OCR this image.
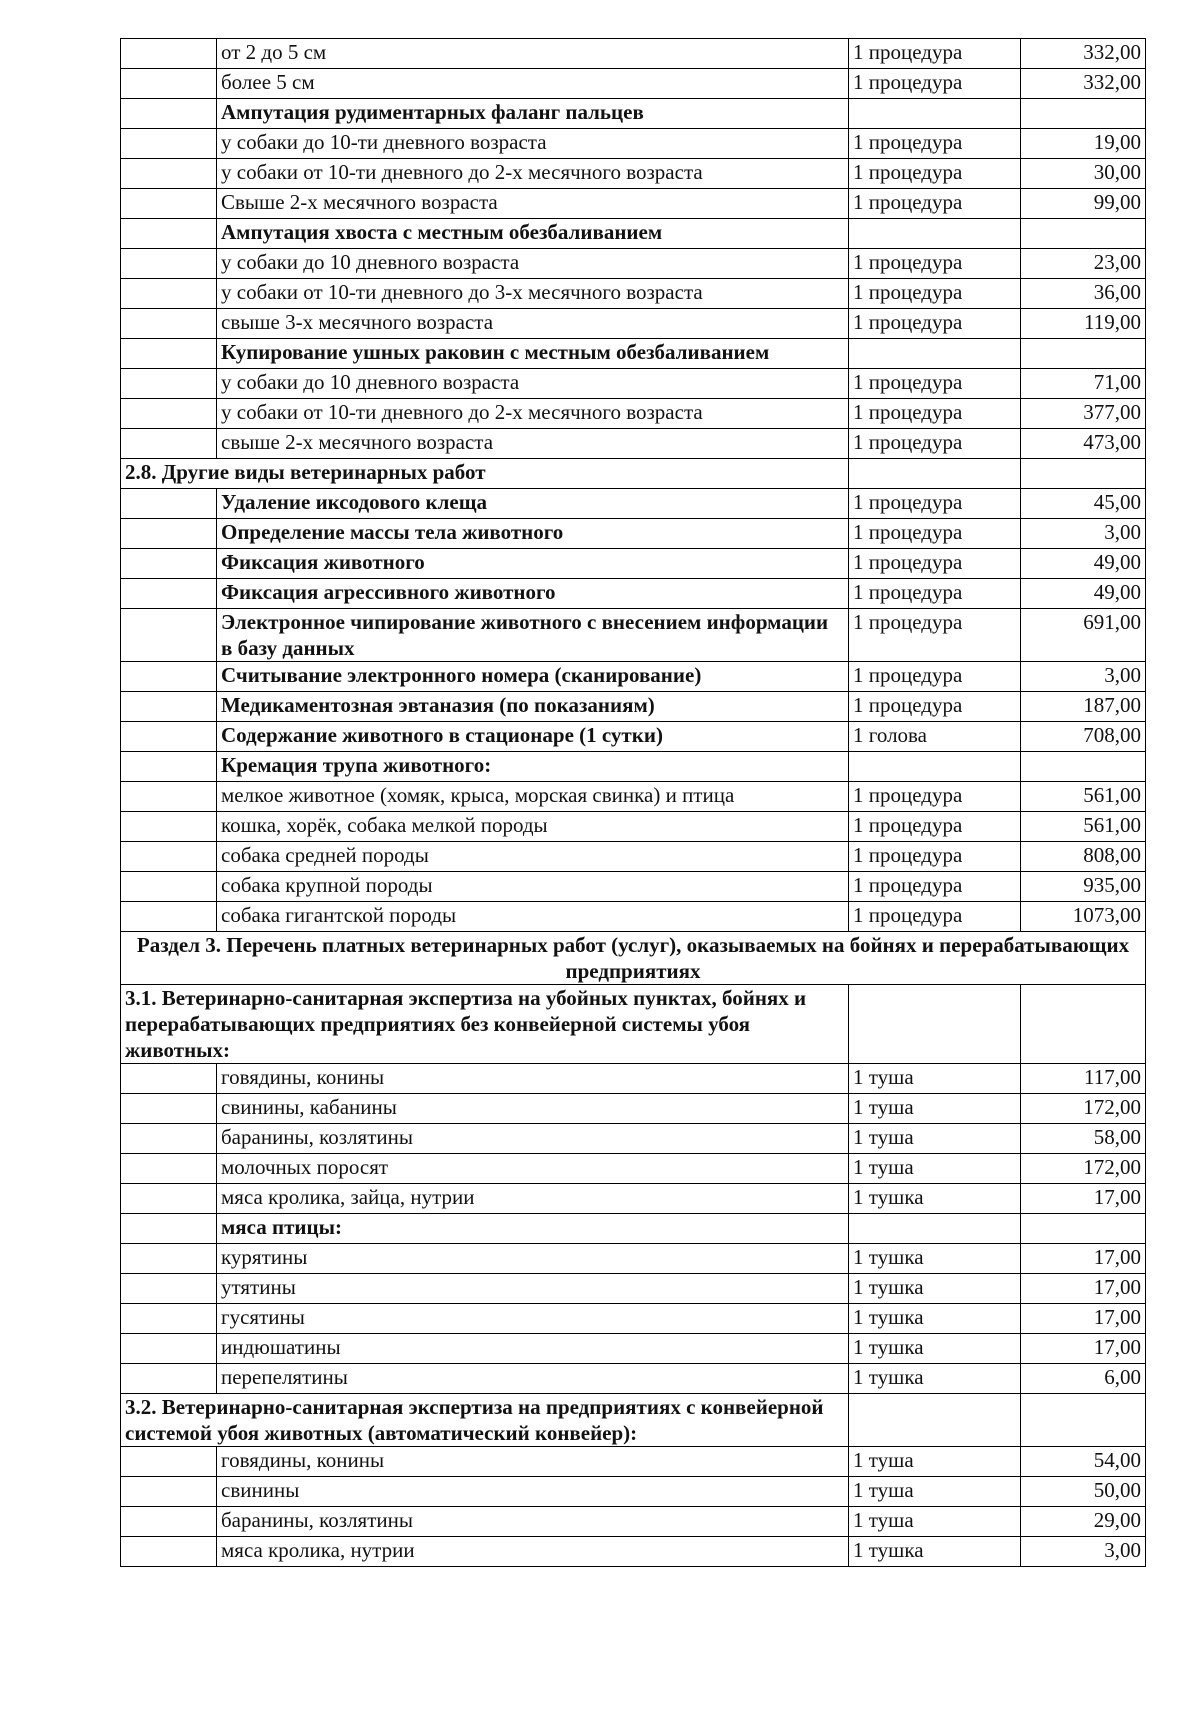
	от 2 до 5 см	1 процедура	332,00
	более 5 см	1 процедура	332,00
	Ампутация рудиментарных фаланг пальцев		
	у собаки до 10-ти дневного возраста	1 процедура	19,00
	у собаки от 10-ти дневного до 2-х месячного возраста	1 процедура	30,00
	Свыше 2-х месячного возраста	1 процедура	99,00
	Ампутация хвоста с местным обезбаливанием		
	у собаки до 10 дневного возраста	1 процедура	23,00
	у собаки от 10-ти дневного до 3-х месячного возраста	1 процедура	36,00
	свыше 3-х месячного возраста	1 процедура	119,00
	Купирование ушных раковин с местным обезбаливанием		
	у собаки до 10 дневного возраста	1 процедура	71,00
	у собаки от 10-ти дневного до 2-х месячного возраста	1 процедура	377,00
	свыше 2-х месячного возраста	1 процедура	473,00
2.8. Другие виды ветеринарных работ			
	Удаление иксодового клеща	1 процедура	45,00
	Определение массы тела животного	1 процедура	3,00
	Фиксация животного	1 процедура	49,00
	Фиксация агрессивного животного	1 процедура	49,00
	Электронное чипирование животного с внесением информации в базу данных	1 процедура	691,00
	Считывание электронного номера (сканирование)	1 процедура	3,00
	Медикаментозная эвтаназия (по показаниям)	1 процедура	187,00
	Содержание животного в стационаре (1 сутки)	1 голова	708,00
	Кремация трупа животного:		
	мелкое животное (хомяк, крыса, морская свинка) и птица	1 процедура	561,00
	кошка, хорёк, собака мелкой породы	1 процедура	561,00
	собака средней породы	1 процедура	808,00
	собака крупной породы	1 процедура	935,00
	собака гигантской породы	1 процедура	1073,00
Раздел 3. Перечень платных ветеринарных работ (услуг), оказываемых на бойнях и перерабатывающих предприятиях			
3.1. Ветеринарно-санитарная экспертиза на убойных пунктах, бойнях и перерабатывающих предприятиях без конвейерной системы убоя животных:			
	говядины, конины	1 туша	117,00
	свинины, кабанины	1 туша	172,00
	баранины, козлятины	1 туша	58,00
	молочных поросят	1 туша	172,00
	мяса кролика, зайца, нутрии	1 тушка	17,00
	мяса птицы:		
	курятины	1 тушка	17,00
	утятины	1 тушка	17,00
	гусятины	1 тушка	17,00
	индюшатины	1 тушка	17,00
	перепелятины	1 тушка	6,00
3.2. Ветеринарно-санитарная экспертиза на предприятиях с конвейерной системой убоя животных (автоматический конвейер):			
	говядины, конины	1 туша	54,00
	свинины	1 туша	50,00
	баранины, козлятины	1 туша	29,00
	мяса кролика, нутрии	1 тушка	3,00
